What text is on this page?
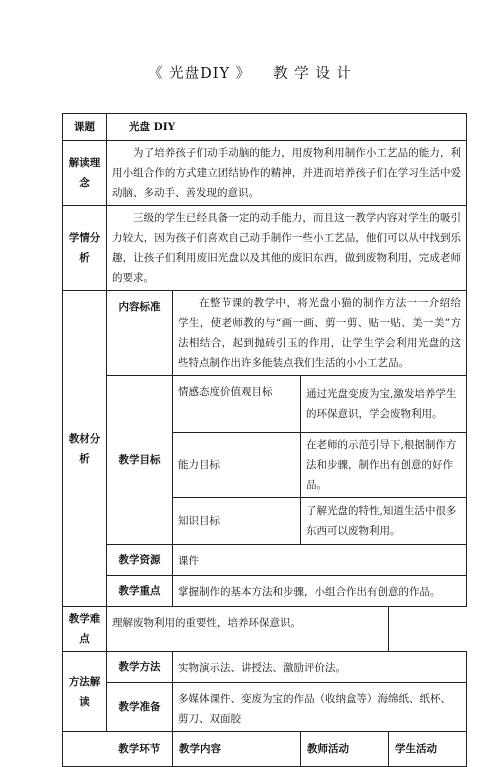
《 光盘DIY 》 教 学 设 计
课题	光盘 DIY			
解读理念	为了培养孩子们动手动脑的能力，用废物利用制作小工艺品的能力，利用小组合作的方式建立团结协作的精神，并进而培养孩子们在学习生活中爱动脑、多动手、善发现的意识。			
学情分析	三级的学生已经具备一定的动手能力，而且这一教学内容对学生的吸引力较大，因为孩子们喜欢自己动手制作一些小工艺品，他们可以从中找到乐趣，让孩子们利用废旧光盘以及其他的废旧东西，做到废物利用，完成老师的要求。			
教材分析	内容标准	在整节课的教学中，将光盘小猫的制作方法一一介绍给学生，使老师教的与“画一画、剪一剪、贴一贴、美一美”方法相结合，起到抛砖引玉的作用，让学生学会利用光盘的这些特点制作出许多能装点我们生活的小小工艺品。		
	教学目标	情感态度价值观目标	通过光盘变废为宝,激发培养学生的环保意识，学会废物利用。	
		能力目标	在老师的示范引导下,根据制作方法和步骤，制作出有创意的好作品。	
		知识目标	了解光盘的特性,知道生活中很多东西可以废物利用。	
	教学资源	课件		
	教学重点	掌握制作的基本方法和步骤，小组合作出有创意的作品。		
教学难点	理解废物利用的重要性，培养环保意识。			
方法解读	教学方法	实物演示法、讲授法、激励评价法。		
	教学准备	多媒体课件、变废为宝的作品（收纳盒等）海绵纸、纸杯、剪刀、双面胶		
	教学环节	教学内容	教师活动	学生活动
